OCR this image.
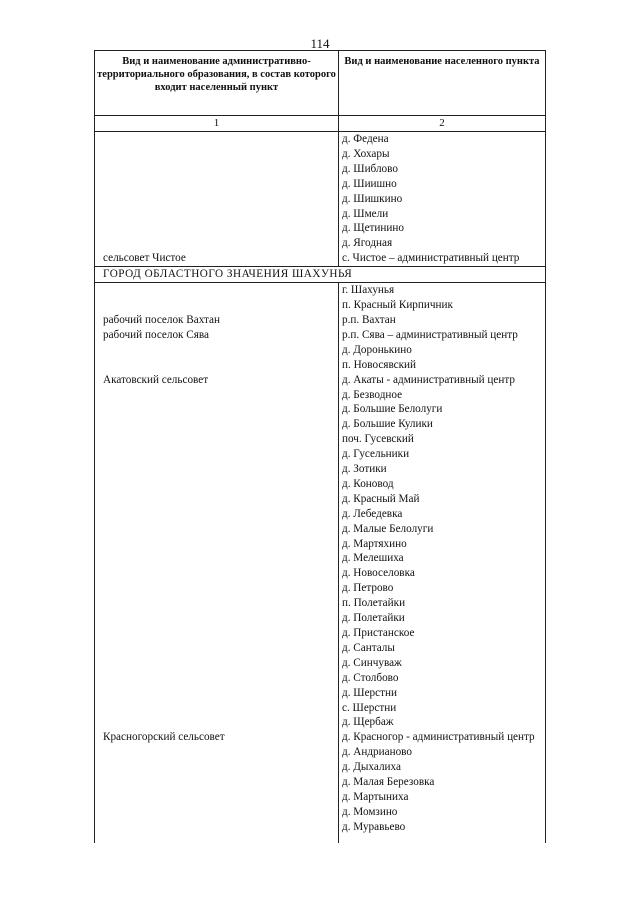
114
Вид и наименование административно-территориального образования, в состав которого входит населенный пункт
Вид и наименование населенного пункта
1	2
д. Федена
д. Хохары
д. Шиблово
д. Шиишно
д. Шишкино
д. Шмели
д. Щетинино
д. Ягодная
сельсовет Чистое	с. Чистое – административный центр
ГОРОД ОБЛАСТНОГО ЗНАЧЕНИЯ ШАХУНЬЯ
г. Шахунья
п. Красный Кирпичник
рабочий поселок Вахтан	р.п. Вахтан
рабочий поселок Сява	р.п. Сява – административный центр
д. Доронькино
п. Новосявский
Акатовский сельсовет	д. Акаты - административный центр
д. Безводное
д. Большие Белолуги
д. Большие Кулики
поч. Гусевский
д. Гусельники
д. Зотики
д. Коновод
д. Красный Май
д. Лебедевка
д. Малые Белолуги
д. Мартяхино
д. Мелешиха
д. Новоселовка
д. Петрово
п. Полетайки
д. Полетайки
д. Пристанское
д. Санталы
д. Синчуваж
д. Столбово
д. Шерстни
с. Шерстни
д. Щербаж
Красногорский сельсовет	д. Красногор - административный центр
д. Андрианово
д. Дыхалиха
д. Малая Березовка
д. Мартыниха
д. Момзино
д. Муравьево
